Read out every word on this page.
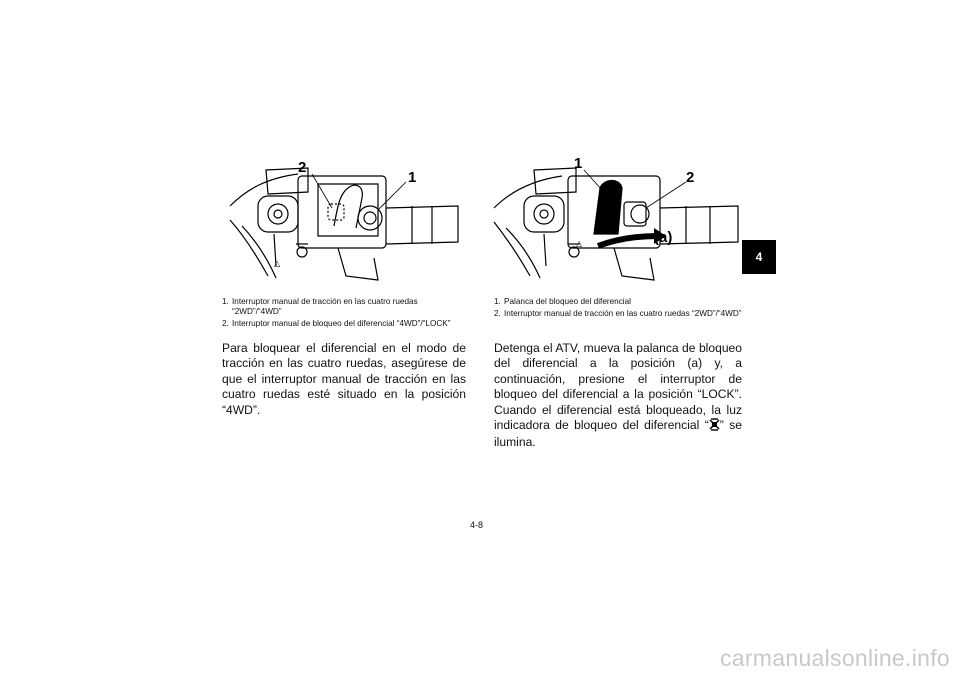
2
1
△
1
2
(a)
△
1. Interruptor manual de tracción en las cuatro ruedas “2WD”/“4WD”
2. Interruptor manual de bloqueo del diferencial “4WD”/“LOCK”
1. Palanca del bloqueo del diferencial
2. Interruptor manual de tracción en las cuatro ruedas “2WD”/“4WD”

Para bloquear el diferencial en el modo de tracción en las cuatro ruedas, asegúrese de que el interruptor manual de tracción en las cuatro ruedas esté situado en la posición “4WD”.

Detenga el ATV, mueva la palanca de bloqueo del diferencial a la posición (a) y, a continuación, presione el interruptor de bloqueo del diferencial a la posición “LOCK”. Cuando el diferencial está bloqueado, la luz indicadora de bloqueo del diferencial “ ” se ilumina.

4
4-8
carmanualsonline.info
